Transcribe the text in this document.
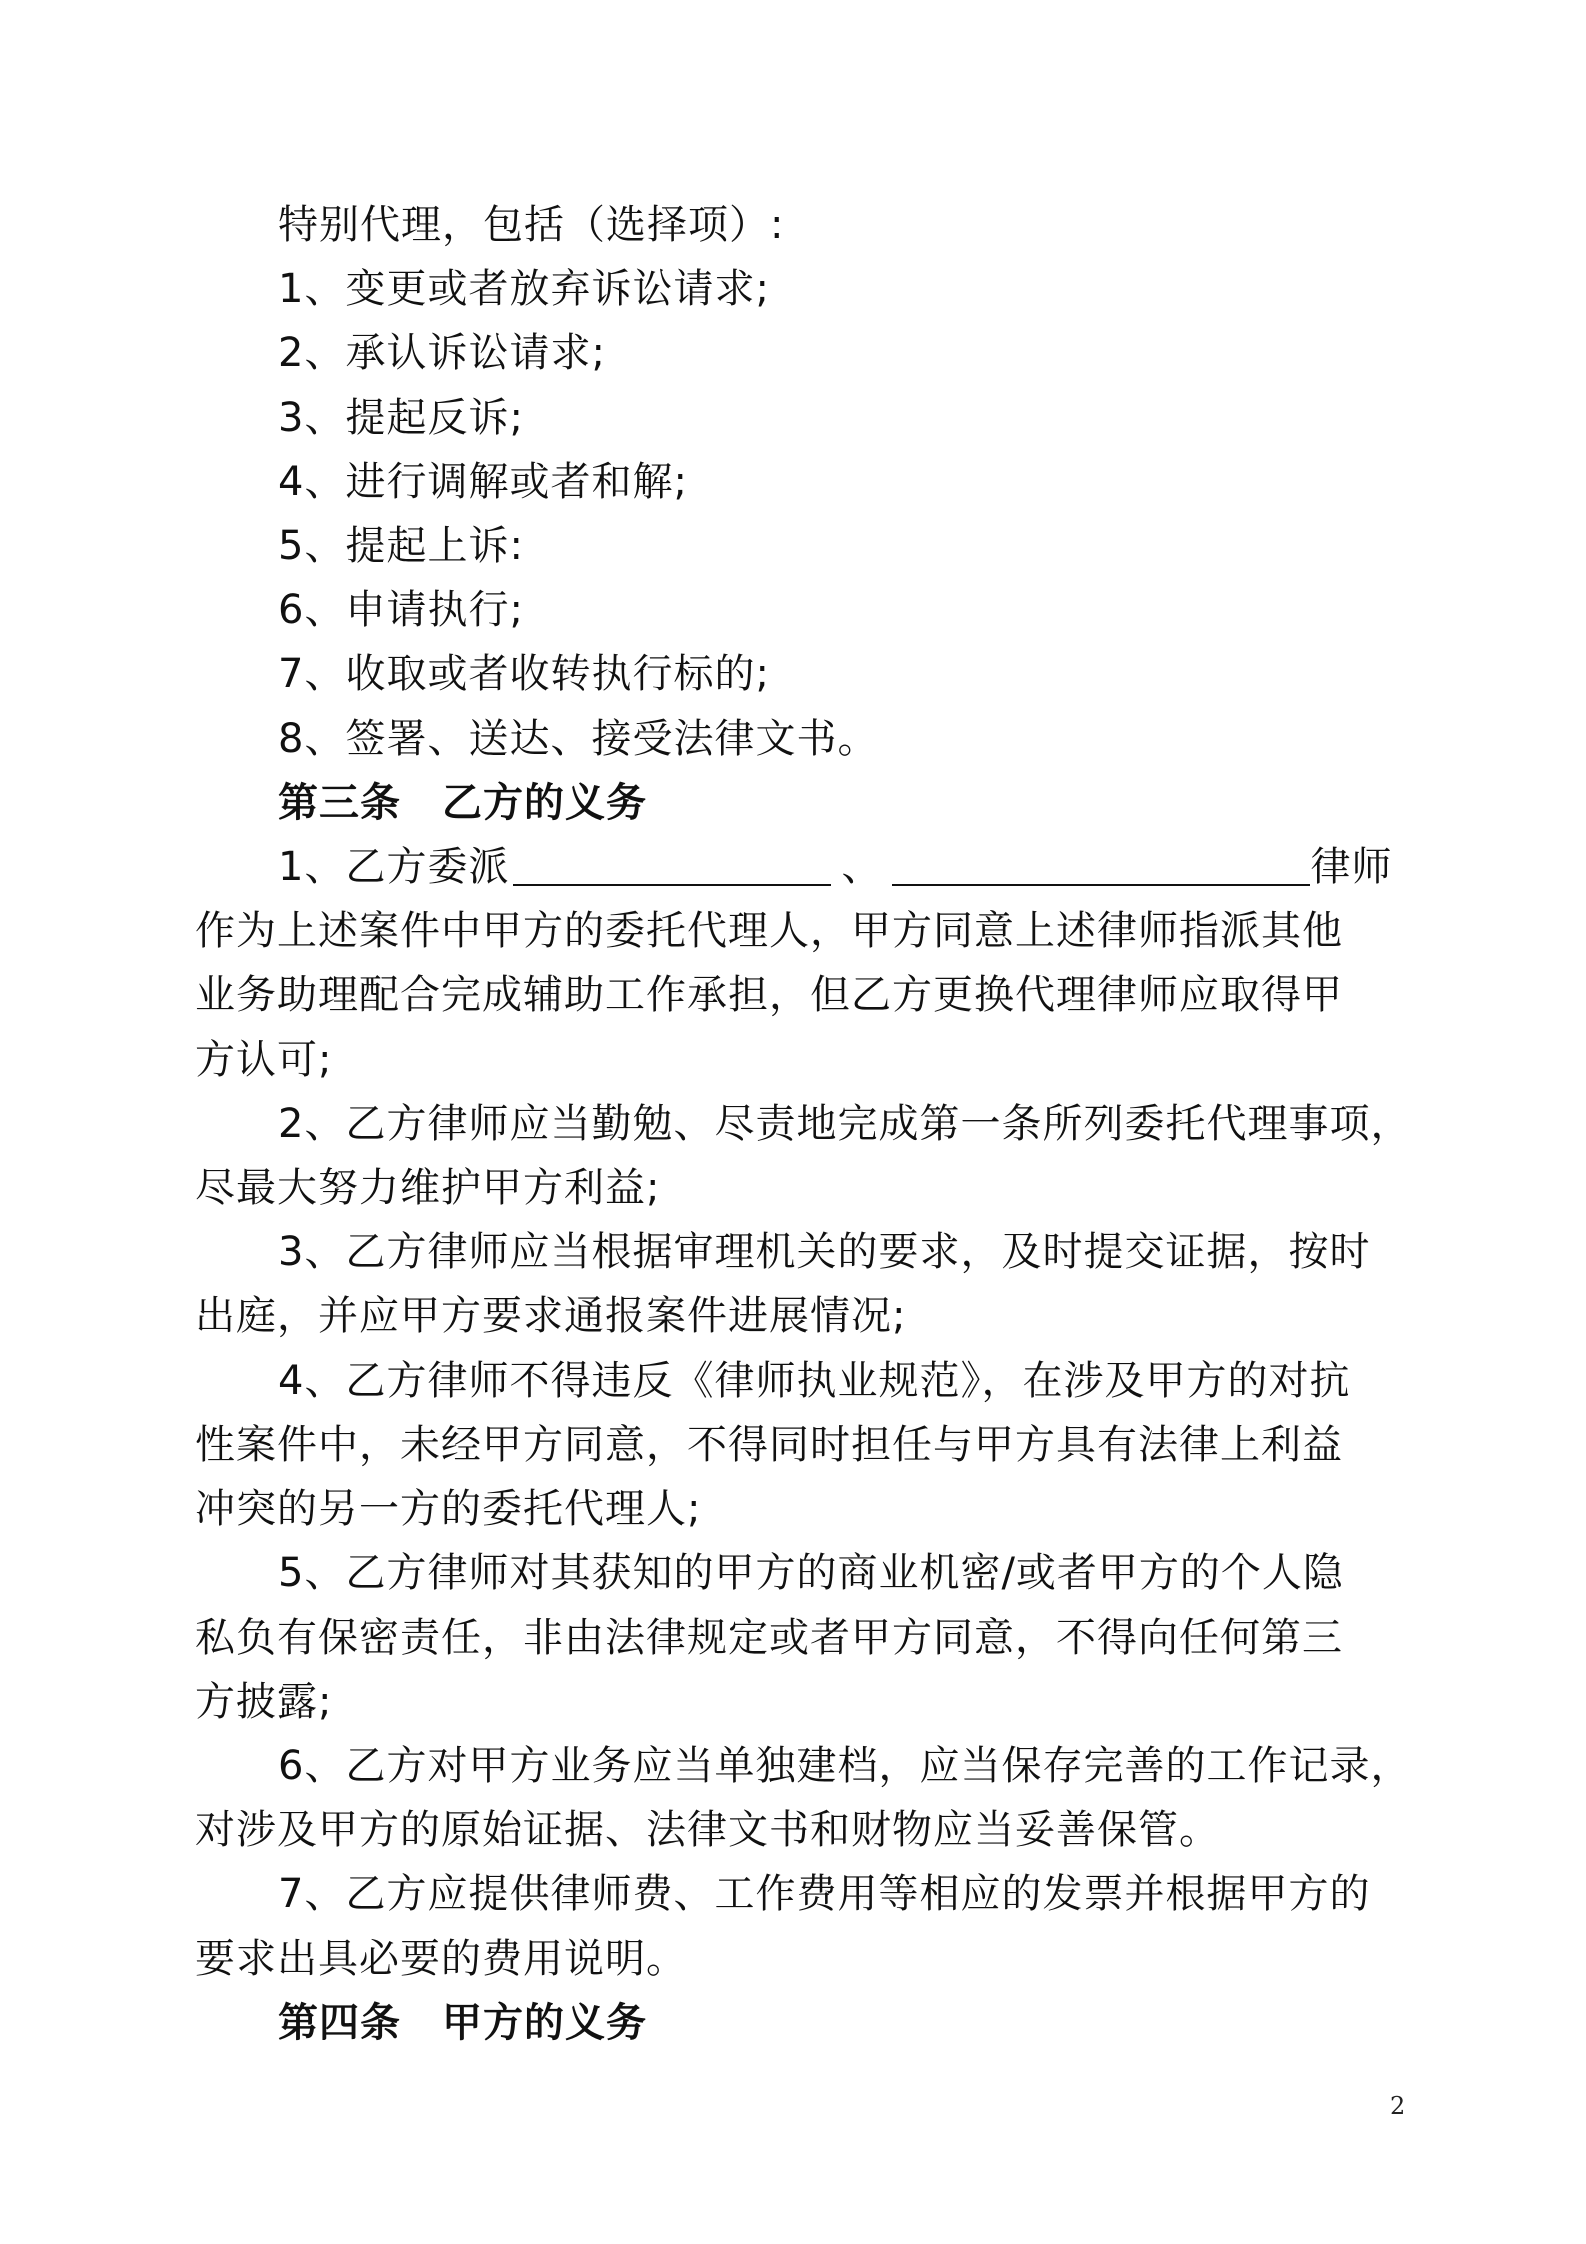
特别代理，包括（选择项）:
1、变更或者放弃诉讼请求;
2、承认诉讼请求;
3、提起反诉;
4、进行调解或者和解;
5、提起上诉:
6、申请执行;
7、收取或者收转执行标的;
8、签署、送达、接受法律文书。
第三条　乙方的义务
1、乙方委派	、	律师
作为上述案件中甲方的委托代理人，甲方同意上述律师指派其他
业务助理配合完成辅助工作承担，但乙方更换代理律师应取得甲
方认可;
2、乙方律师应当勤勉、尽责地完成第一条所列委托代理事项，
尽最大努力维护甲方利益;
3、乙方律师应当根据审理机关的要求，及时提交证据，按时
出庭，并应甲方要求通报案件进展情况;
4、乙方律师不得违反《律师执业规范》，在涉及甲方的对抗
性案件中，未经甲方同意，不得同时担任与甲方具有法律上利益
冲突的另一方的委托代理人;
5、乙方律师对其获知的甲方的商业机密/或者甲方的个人隐
私负有保密责任，非由法律规定或者甲方同意，不得向任何第三
方披露;
6、乙方对甲方业务应当单独建档，应当保存完善的工作记录，
对涉及甲方的原始证据、法律文书和财物应当妥善保管。
7、乙方应提供律师费、工作费用等相应的发票并根据甲方的
要求出具必要的费用说明。
第四条　甲方的义务
2
